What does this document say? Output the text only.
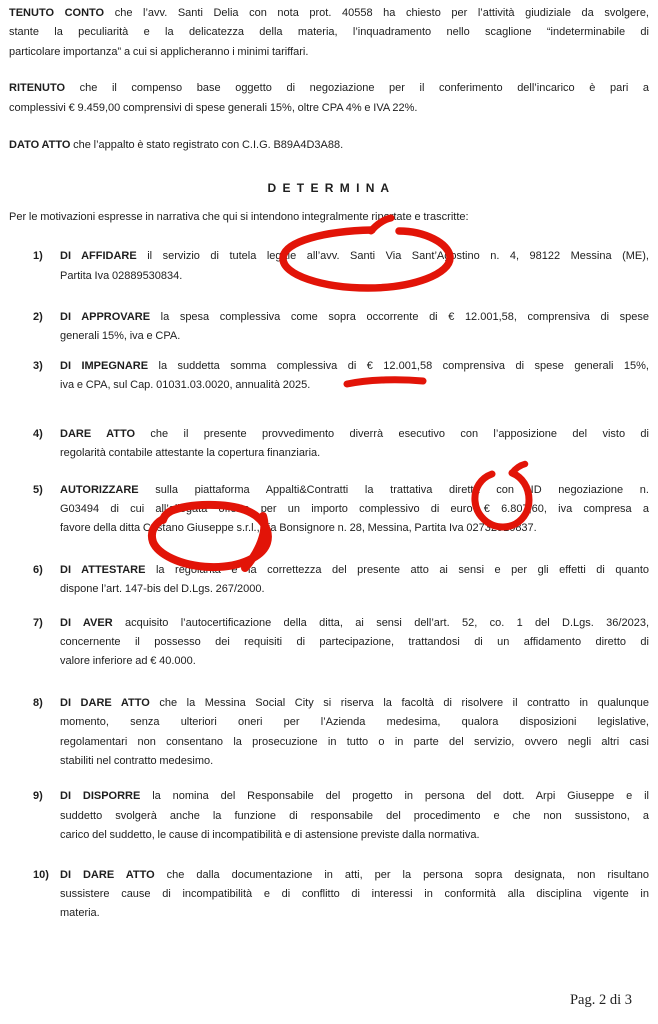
TENUTO CONTO che l’avv. Santi Delia con nota prot. 40558 ha chiesto per l’attività giudiziale da svolgere,
stante la peculiarità e la delicatezza della materia, l’inquadramento nello scaglione “indeterminabile di
particolare importanza” a cui si applicheranno i minimi tariffari.
RITENUTO che il compenso base oggetto di negoziazione per il conferimento dell’incarico è pari a
complessivi € 9.459,00 comprensivi di spese generali 15%, oltre CPA 4% e IVA 22%.
DATO ATTO che l’appalto è stato registrato con C.I.G. B89A4D3A88.
D E T E R M I N A
Per le motivazioni espresse in narrativa che qui si intendono integralmente riportate e trascritte:
1) DI AFFIDARE il servizio di tutela legale all’avv. Santi Via Sant’Agostino n. 4, 98122 Messina (ME),
Partita Iva 02889530834.
2) DI APPROVARE la spesa complessiva come sopra occorrente di € 12.001,58, comprensiva di spese
generali 15%, iva e CPA.
3) DI IMPEGNARE la suddetta somma complessiva di € 12.001,58 comprensiva di spese generali 15%,
iva e CPA, sul Cap. 01031.03.0020, annualità 2025.
4) DARE ATTO che il presente provvedimento diverrà esecutivo con l’apposizione del visto di
regolarità contabile attestante la copertura finanziaria.
5) AUTORIZZARE sulla piattaforma Appalti&Contratti la trattativa diretta con ID negoziazione n.
G03494 di cui all’allegata offerta per un importo complessivo di euro € 6.807,60, iva compresa a
favore della ditta Castano Giuseppe s.r.l., via Bonsignore n. 28, Messina, Partita Iva 02732910837.
6) DI ATTESTARE la regolarità e la correttezza del presente atto ai sensi e per gli effetti di quanto
dispone l’art. 147-bis del D.Lgs. 267/2000.
7) DI AVER acquisito l’autocertificazione della ditta, ai sensi dell’art. 52, co. 1 del D.Lgs. 36/2023,
concernente il possesso dei requisiti di partecipazione, trattandosi di un affidamento diretto di
valore inferiore ad € 40.000.
8) DI DARE ATTO che la Messina Social City si riserva la facoltà di risolvere il contratto in qualunque
momento, senza ulteriori oneri per l’Azienda medesima, qualora disposizioni legislative,
regolamentari non consentano la prosecuzione in tutto o in parte del servizio, ovvero negli altri casi
stabiliti nel contratto medesimo.
9) DI DISPORRE la nomina del Responsabile del progetto in persona del dott. Arpi Giuseppe e il
suddetto svolgerà anche la funzione di responsabile del procedimento e che non sussistono, a
carico del suddetto, le cause di incompatibilità e di astensione previste dalla normativa.
10) DI DARE ATTO che dalla documentazione in atti, per la persona sopra designata, non risultano
sussistere cause di incompatibilità e di conflitto di interessi in conformità alla disciplina vigente in
materia.
Pag. 2 di 3
